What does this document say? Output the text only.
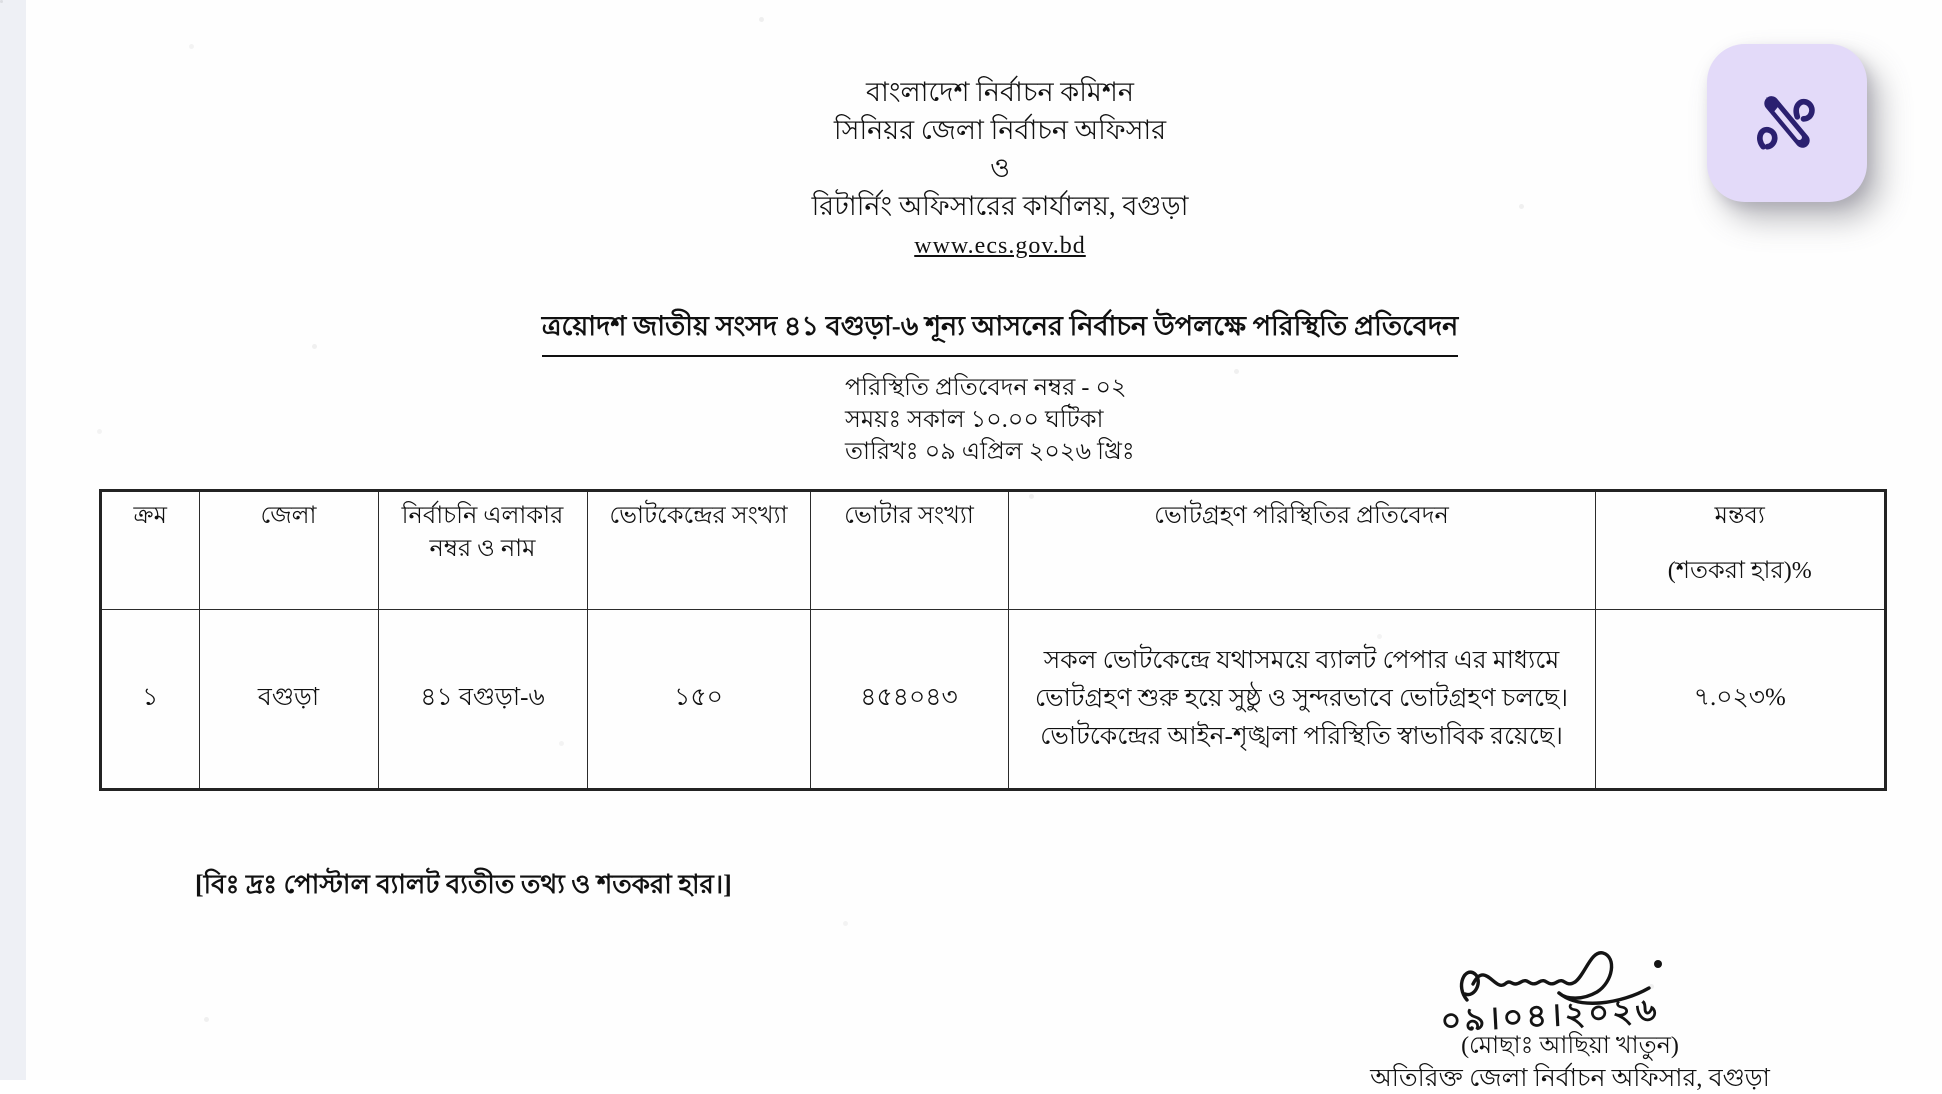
বাংলাদেশ নির্বাচন কমিশন
সিনিয়র জেলা নির্বাচন অফিসার
ও
রিটার্নিং অফিসারের কার্যালয়, বগুড়া
www.ecs.gov.bd
ত্রয়োদশ জাতীয় সংসদ ৪১ বগুড়া-৬ শূন্য আসনের নির্বাচন উপলক্ষে পরিস্থিতি প্রতিবেদন
পরিস্থিতি প্রতিবেদন নম্বর - ০২
সময়ঃ সকাল ১০.০০ ঘটিকা
তারিখঃ ০৯ এপ্রিল ২০২৬ খ্রিঃ
ক্রম	জেলা	নির্বাচনি এলাকার নম্বর ও নাম	ভোটকেন্দ্রের সংখ্যা	ভোটার সংখ্যা	ভোটগ্রহণ পরিস্থিতির প্রতিবেদন	মন্তব্য
(শতকরা হার)%

১	বগুড়া	৪১ বগুড়া-৬	১৫০	৪৫৪০৪৩	সকল ভোটকেন্দ্রে যথাসময়ে ব্যালট পেপার এর মাধ্যমে ভোটগ্রহণ শুরু হয়ে সুষ্ঠু ও সুন্দরভাবে ভোটগ্রহণ চলছে। ভোটকেন্দ্রের আইন-শৃঙ্খলা পরিস্থিতি স্বাভাবিক রয়েছে।	৭.০২৩%
[বিঃ দ্রঃ পোস্টাল ব্যালট ব্যতীত তথ্য ও শতকরা হার।]
০৯।০৪।২০২৬
(মোছাঃ আছিয়া খাতুন)
অতিরিক্ত জেলা নির্বাচন অফিসার, বগুড়া
